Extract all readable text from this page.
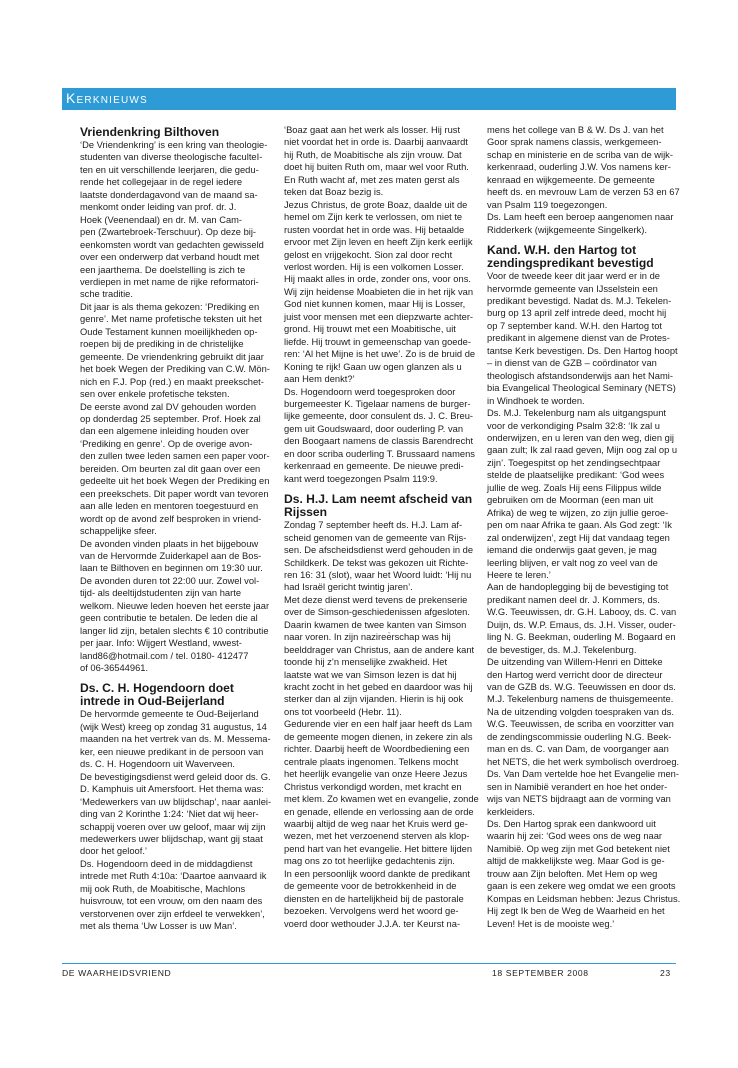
Kerknieuws
Vriendenkring Bilthoven
‘De Vriendenkring’ is een kring van theologie-
studenten van diverse theologische faculteI-
ten en uit verschillende leerjaren, die gedu-
rende het collegejaar in de regel iedere
laatste donderdagavond van de maand sa-
menkomt onder leiding van prof. dr. J.
Hoek (Veenendaal) en dr. M. van Cam-
pen (Zwartebroek-Terschuur). Op deze bij-
eenkomsten wordt van gedachten gewisseld
over een onderwerp dat verband houdt met
een jaarthema. De doelstelling is zich te
verdiepen in met name de rijke reformatori-
sche traditie.
Dit jaar is als thema gekozen: ‘Prediking en
genre’. Met name profetische teksten uit het
Oude Testament kunnen moeilijkheden op-
roepen bij de prediking in de christelijke
gemeente. De vriendenkring gebruikt dit jaar
het boek Wegen der Prediking van C.W. Mön-
nich en F.J. Pop (red.) en maakt preekschet-
sen over enkele profetische teksten.
De eerste avond zal DV gehouden worden
op donderdag 25 september. Prof. Hoek zal
dan een algemene inleiding houden over
‘Prediking en genre’. Op de overige avon-
den zullen twee leden samen een paper voor-
bereiden. Om beurten zal dit gaan over een
gedeelte uit het boek Wegen der Prediking en
een preekschets. Dit paper wordt van tevoren
aan alle leden en mentoren toegestuurd en
wordt op de avond zelf besproken in vriend-
schappelijke sfeer.
De avonden vinden plaats in het bijgebouw
van de Hervormde Zuiderkapel aan de Bos-
laan te Bilthoven en beginnen om 19:30 uur.
De avonden duren tot 22:00 uur. Zowel vol-
tijd- als deeltijdstudenten zijn van harte
welkom. Nieuwe leden hoeven het eerste jaar
geen contributie te betalen. De leden die al
langer lid zijn, betalen slechts € 10 contributie
per jaar. Info: Wijgert Westland, wwest-
land86@hotmail.com / tel. 0180- 412477
of 06-36544961.
Ds. C. H. Hogendoorn doet
intrede in Oud-Beijerland
De hervormde gemeente te Oud-Beijerland
(wijk West) kreeg op zondag 31 augustus, 14
maanden na het vertrek van ds. M. Messema-
ker, een nieuwe predikant in de persoon van
ds. C. H. Hogendoorn uit Waverveen.
De bevestigingsdienst werd geleid door ds. G.
D. Kamphuis uit Amersfoort. Het thema was:
‘Medewerkers van uw blijdschap’, naar aanlei-
ding van 2 Korinthe 1:24: ‘Niet dat wij heer-
schappij voeren over uw geloof, maar wij zijn
medewerkers uwer blijdschap, want gij staat
door het geloof.’
Ds. Hogendoorn deed in de middagdienst
intrede met Ruth 4:10a: ‘Daartoe aanvaard ik
mij ook Ruth, de Moabitische, Machlons
huisvrouw, tot een vrouw, om den naam des
verstorvenen over zijn erfdeel te verwekken’,
met als thema ‘Uw Losser is uw Man’.
‘Boaz gaat aan het werk als losser. Hij rust
niet voordat het in orde is. Daarbij aanvaardt
hij Ruth, de Moabitische als zijn vrouw. Dat
doet hij buiten Ruth om, maar wel voor Ruth.
En Ruth wacht af, met zes maten gerst als
teken dat Boaz bezig is.
Jezus Christus, de grote Boaz, daalde uit de
hemel om Zijn kerk te verlossen, om niet te
rusten voordat het in orde was. Hij betaalde
ervoor met Zijn leven en heeft Zijn kerk eerlijk
gelost en vrijgekocht. Sion zal door recht
verlost worden. Hij is een volkomen Losser.
Hij maakt alles in orde, zonder ons, voor ons.
Wij zijn heidense Moabieten die in het rijk van
God niet kunnen komen, maar Hij is Losser,
juist voor mensen met een diepzwarte achter-
grond. Hij trouwt met een Moabitische, uit
liefde. Hij trouwt in gemeenschap van goede-
ren: ‘Al het Mijne is het uwe’. Zo is de bruid de
Koning te rijk! Gaan uw ogen glanzen als u
aan Hem denkt?’
Ds. Hogendoorn werd toegesproken door
burgemeester K. Tigelaar namens de burger-
lijke gemeente, door consulent ds. J. C. Breu-
gem uit Goudswaard, door ouderling P. van
den Boogaart namens de classis Barendrecht
en door scriba ouderling T. Brussaard namens
kerkenraad en gemeente. De nieuwe predi-
kant werd toegezongen Psalm 119:9.
Ds. H.J. Lam neemt afscheid van
Rijssen
Zondag 7 september heeft ds. H.J. Lam af-
scheid genomen van de gemeente van Rijs-
sen. De afscheidsdienst werd gehouden in de
Schildkerk. De tekst was gekozen uit Richte-
ren 16: 31 (slot), waar het Woord luidt: ‘Hij nu
had Israël gericht twintig jaren’.
Met deze dienst werd tevens de prekenserie
over de Simson-geschiedenissen afgesloten.
Daarin kwamen de twee kanten van Simson
naar voren. In zijn naziree̍rschap was hij
beelddrager van Christus, aan de andere kant
toonde hij z’n menselijke zwakheid. Het
laatste wat we van Simson lezen is dat hij
kracht zocht in het gebed en daardoor was hij
sterker dan al zijn vijanden. Hierin is hij ook
ons tot voorbeeld (Hebr. 11).
Gedurende vier en een half jaar heeft ds Lam
de gemeente mogen dienen, in zekere zin als
richter. Daarbij heeft de Woordbediening een
centrale plaats ingenomen. Telkens mocht
het heerlijk evangelie van onze Heere Jezus
Christus verkondigd worden, met kracht en
met klem. Zo kwamen wet en evangelie, zonde
en genade, ellende en verlossing aan de orde
waarbij altijd de weg naar het Kruis werd ge-
wezen, met het verzoenend sterven als klop-
pend hart van het evangelie. Het bittere lijden
mag ons zo tot heerlijke gedachtenis zijn.
In een persoonlijk woord dankte de predikant
de gemeente voor de betrokkenheid in de
diensten en de hartelijkheid bij de pastorale
bezoeken. Vervolgens werd het woord ge-
voerd door wethouder J.J.A. ter Keurst na-
mens het college van B & W. Ds J. van het
Goor sprak namens classis, werkgemeen-
schap en ministerie en de scriba van de wijk-
kerkenraad, ouderling J.W. Vos namens ker-
kenraad en wijkgemeente. De gemeente
heeft ds. en mevrouw Lam de verzen 53 en 67
van Psalm 119 toegezongen.
Ds. Lam heeft een beroep aangenomen naar
Ridderkerk (wijkgemeente Singelkerk).
Kand. W.H. den Hartog tot
zendingspredikant bevestigd
Voor de tweede keer dit jaar werd er in de
hervormde gemeente van IJsselstein een
predikant bevestigd. Nadat ds. M.J. Tekelen-
burg op 13 april zelf intrede deed, mocht hij
op 7 september kand. W.H. den Hartog tot
predikant in algemene dienst van de Protes-
tantse Kerk bevestigen. Ds. Den Hartog hoopt
– in dienst van de GZB – coördinator van
theologisch afstandsonderwijs aan het Nami-
bia Evangelical Theological Seminary (NETS)
in Windhoek te worden.
Ds. M.J. Tekelenburg nam als uitgangspunt
voor de verkondiging Psalm 32:8: ‘Ik zal u
onderwijzen, en u leren van den weg, dien gij
gaan zult; Ik zal raad geven, Mijn oog zal op u
zijn’. Toegespitst op het zendingsechtpaar
stelde de plaatselijke predikant: ‘God wees
jullie de weg. Zoals Hij eens Filippus wilde
gebruiken om de Moorman (een man uit
Afrika) de weg te wijzen, zo zijn jullie geroe-
pen om naar Afrika te gaan. Als God zegt: ‘Ik
zal onderwijzen’, zegt Hij dat vandaag tegen
iemand die onderwijs gaat geven, je mag
leerling blijven, er valt nog zo veel van de
Heere te leren.’
Aan de handoplegging bij de bevestiging tot
predikant namen deel dr. J. Kommers, ds.
W.G. Teeuwissen, dr. G.H. Labooy, ds. C. van
Duijn, ds. W.P. Emaus, ds. J.H. Visser, ouder-
ling N. G. Beekman, ouderling M. Bogaard en
de bevestiger, ds. M.J. Tekelenburg.
De uitzending van Willem-Henri en Ditteke
den Hartog werd verricht door de directeur
van de GZB ds. W.G. Teeuwissen en door ds.
M.J. Tekelenburg namens de thuisgemeente.
Na de uitzending volgden toespraken van ds.
W.G. Teeuwissen, de scriba en voorzitter van
de zendingscommissie ouderling N.G. Beek-
man en ds. C. van Dam, de voorganger aan
het NETS, die het werk symbolisch overdroeg.
Ds. Van Dam vertelde hoe het Evangelie men-
sen in Namibië verandert en hoe het onder-
wijs van NETS bijdraagt aan de vorming van
kerkleiders.
Ds. Den Hartog sprak een dankwoord uit
waarin hij zei: ‘God wees ons de weg naar
Namibië. Op weg zijn met God betekent niet
altijd de makkelijkste weg. Maar God is ge-
trouw aan Zijn beloften. Met Hem op weg
gaan is een zekere weg omdat we een groots
Kompas en Leidsman hebben: Jezus Christus.
Hij zegt Ik ben de Weg de Waarheid en het
Leven! Het is de mooiste weg.’
DE WAARHEIDSVRIEND	18 SEPTEMBER 2008	23
